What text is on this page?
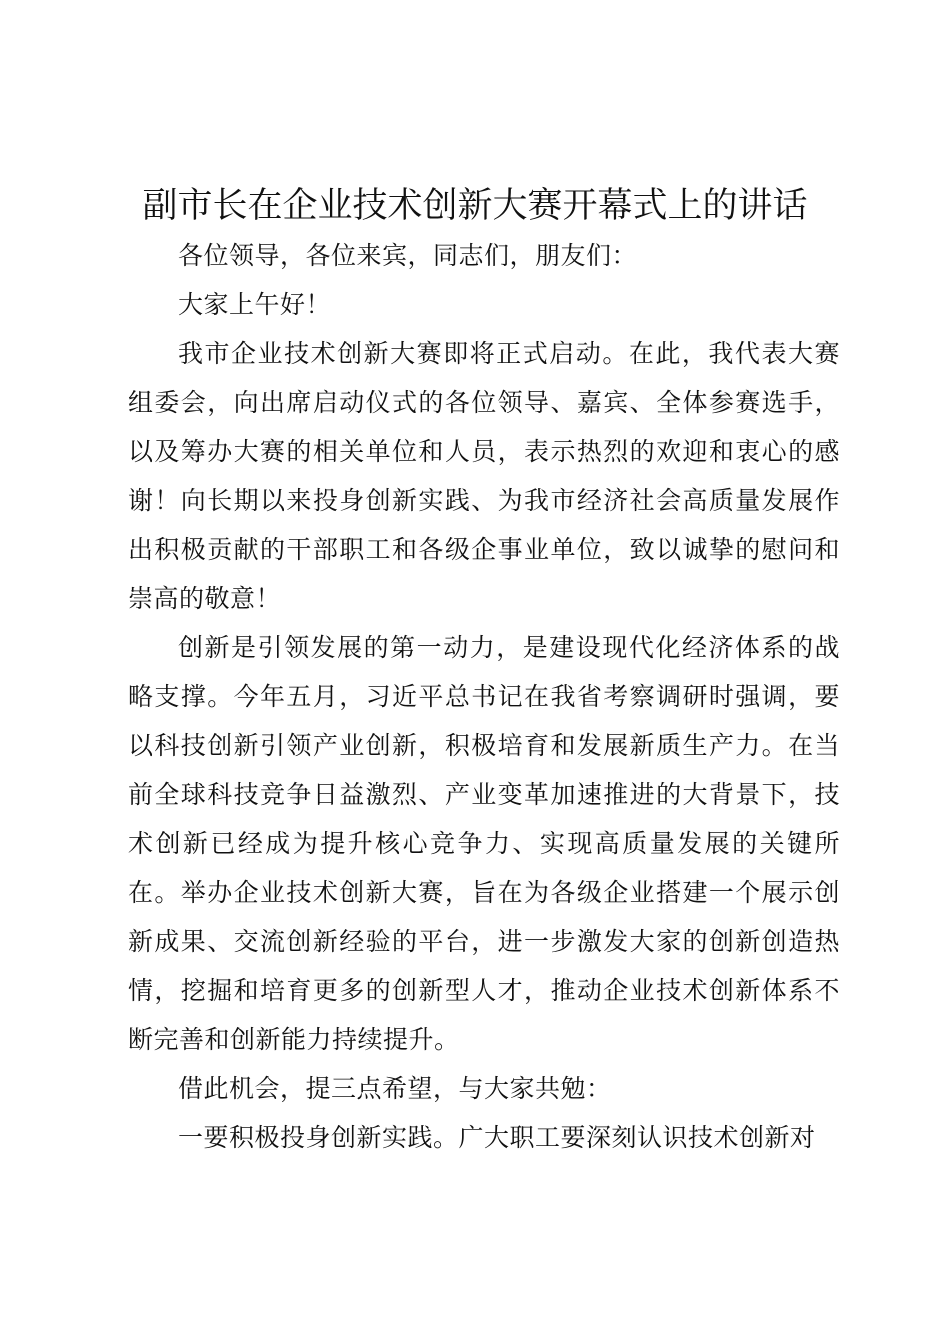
副市长在企业技术创新大赛开幕式上的讲话

各位领导，各位来宾，同志们，朋友们：

大家上午好！

我市企业技术创新大赛即将正式启动。在此，我代表大赛组委会，向出席启动仪式的各位领导、嘉宾、全体参赛选手，以及筹办大赛的相关单位和人员，表示热烈的欢迎和衷心的感谢！向长期以来投身创新实践、为我市经济社会高质量发展作出积极贡献的干部职工和各级企事业单位，致以诚挚的慰问和崇高的敬意！

创新是引领发展的第一动力，是建设现代化经济体系的战略支撑。今年五月，习近平总书记在我省考察调研时强调，要以科技创新引领产业创新，积极培育和发展新质生产力。在当前全球科技竞争日益激烈、产业变革加速推进的大背景下，技术创新已经成为提升核心竞争力、实现高质量发展的关键所在。举办企业技术创新大赛，旨在为各级企业搭建一个展示创新成果、交流创新经验的平台，进一步激发大家的创新创造热情，挖掘和培育更多的创新型人才，推动企业技术创新体系不断完善和创新能力持续提升。

借此机会，提三点希望，与大家共勉：

一要积极投身创新实践。广大职工要深刻认识技术创新对
